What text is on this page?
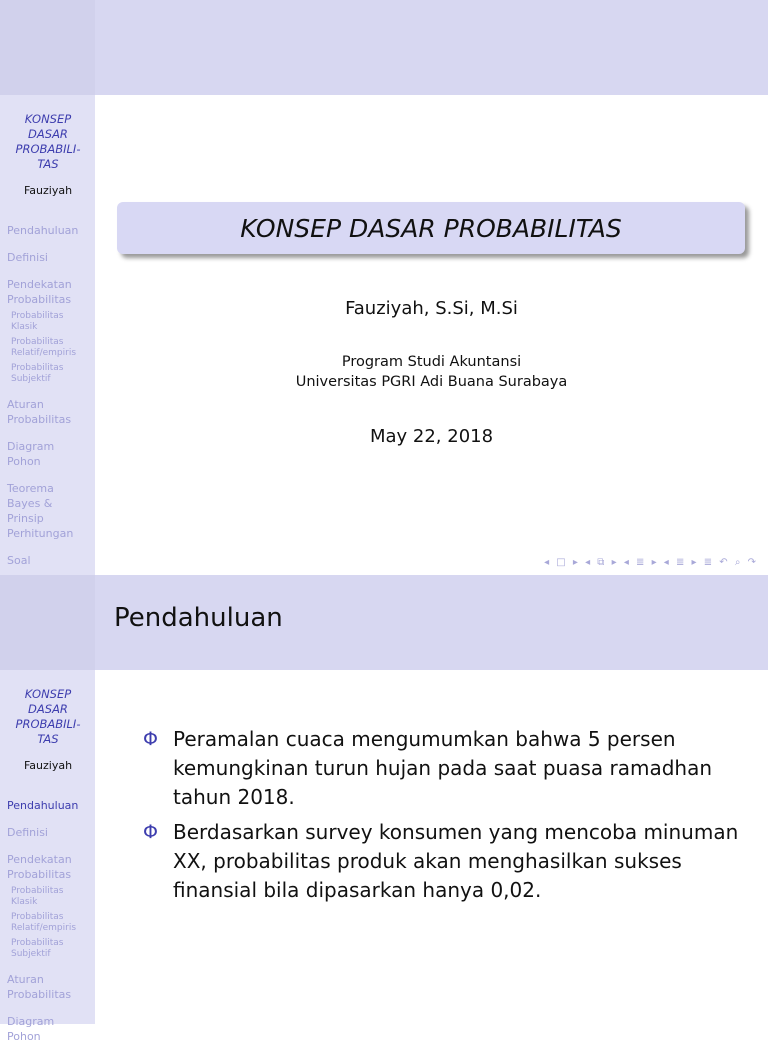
KONSEP
DASAR
PROBABILI-
TAS
Fauziyah
Pendahuluan
Definisi
Pendekatan Probabilitas
Probabilitas Klasik
Probabilitas Relatif/empiris
Probabilitas Subjektif
Aturan Probabilitas
Diagram Pohon
Teorema Bayes & Prinsip Perhitungan
Soal
KONSEP DASAR PROBABILITAS
Fauziyah, S.Si, M.Si
Program Studi Akuntansi
Universitas PGRI Adi Buana Surabaya
May 22, 2018
◂ □ ▸ ◂ ⧉ ▸ ◂ ≣ ▸ ◂ ≣ ▸ ≣ ↶ ⌕ ↷
Pendahuluan
KONSEP
DASAR
PROBABILI-
TAS
Fauziyah
Pendahuluan
Definisi
Pendekatan Probabilitas
Probabilitas Klasik
Probabilitas Relatif/empiris
Probabilitas Subjektif
Aturan Probabilitas
Diagram Pohon
Φ Peramalan cuaca mengumumkan bahwa 5 persen kemungkinan turun hujan pada saat puasa ramadhan tahun 2018.
Φ Berdasarkan survey konsumen yang mencoba minuman XX, probabilitas produk akan menghasilkan sukses finansial bila dipasarkan hanya 0,02.
